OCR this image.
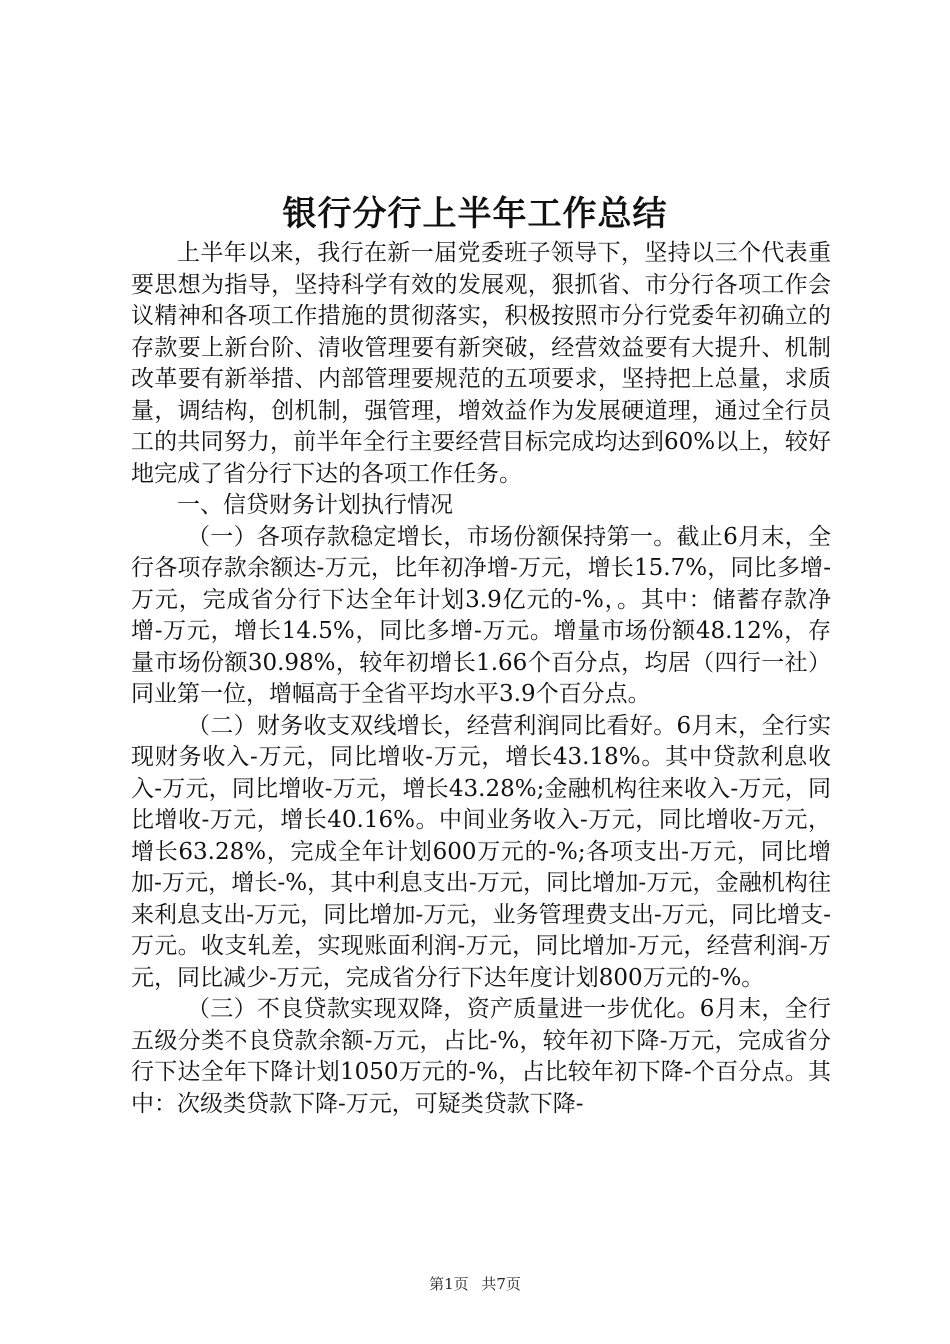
银行分行上半年工作总结

上半年以来，我行在新一届党委班子领导下，坚持以三个代表重要思想为指导，坚持科学有效的发展观，狠抓省、市分行各项工作会议精神和各项工作措施的贯彻落实，积极按照市分行党委年初确立的存款要上新台阶、清收管理要有新突破，经营效益要有大提升、机制改革要有新举措、内部管理要规范的五项要求，坚持把上总量，求质量，调结构，创机制，强管理，增效益作为发展硬道理，通过全行员工的共同努力，前半年全行主要经营目标完成均达到60%以上，较好地完成了省分行下达的各项工作任务。

一、信贷财务计划执行情况

（一）各项存款稳定增长，市场份额保持第一。截止6月末，全行各项存款余额达-万元，比年初净增-万元，增长15.7%，同比多增-万元，完成省分行下达全年计划3.9亿元的-%，。其中：储蓄存款净增-万元，增长14.5%，同比多增-万元。增量市场份额48.12%，存量市场份额30.98%，较年初增长1.66个百分点，均居（四行一社）同业第一位，增幅高于全省平均水平3.9个百分点。

（二）财务收支双线增长，经营利润同比看好。6月末，全行实现财务收入-万元，同比增收-万元，增长43.18%。其中贷款利息收入-万元，同比增收-万元，增长43.28%;金融机构往来收入-万元，同比增收-万元，增长40.16%。中间业务收入-万元，同比增收-万元，增长63.28%，完成全年计划600万元的-%;各项支出-万元，同比增加-万元，增长-%，其中利息支出-万元，同比增加-万元，金融机构往来利息支出-万元，同比增加-万元，业务管理费支出-万元，同比增支-万元。收支轧差，实现账面利润-万元，同比增加-万元，经营利润-万元，同比减少-万元，完成省分行下达年度计划800万元的-%。

（三）不良贷款实现双降，资产质量进一步优化。6月末，全行五级分类不良贷款余额-万元，占比-%，较年初下降-万元，完成省分行下达全年下降计划1050万元的-%，占比较年初下降-个百分点。其中：次级类贷款下降-万元，可疑类贷款下降-

第1页 共7页
